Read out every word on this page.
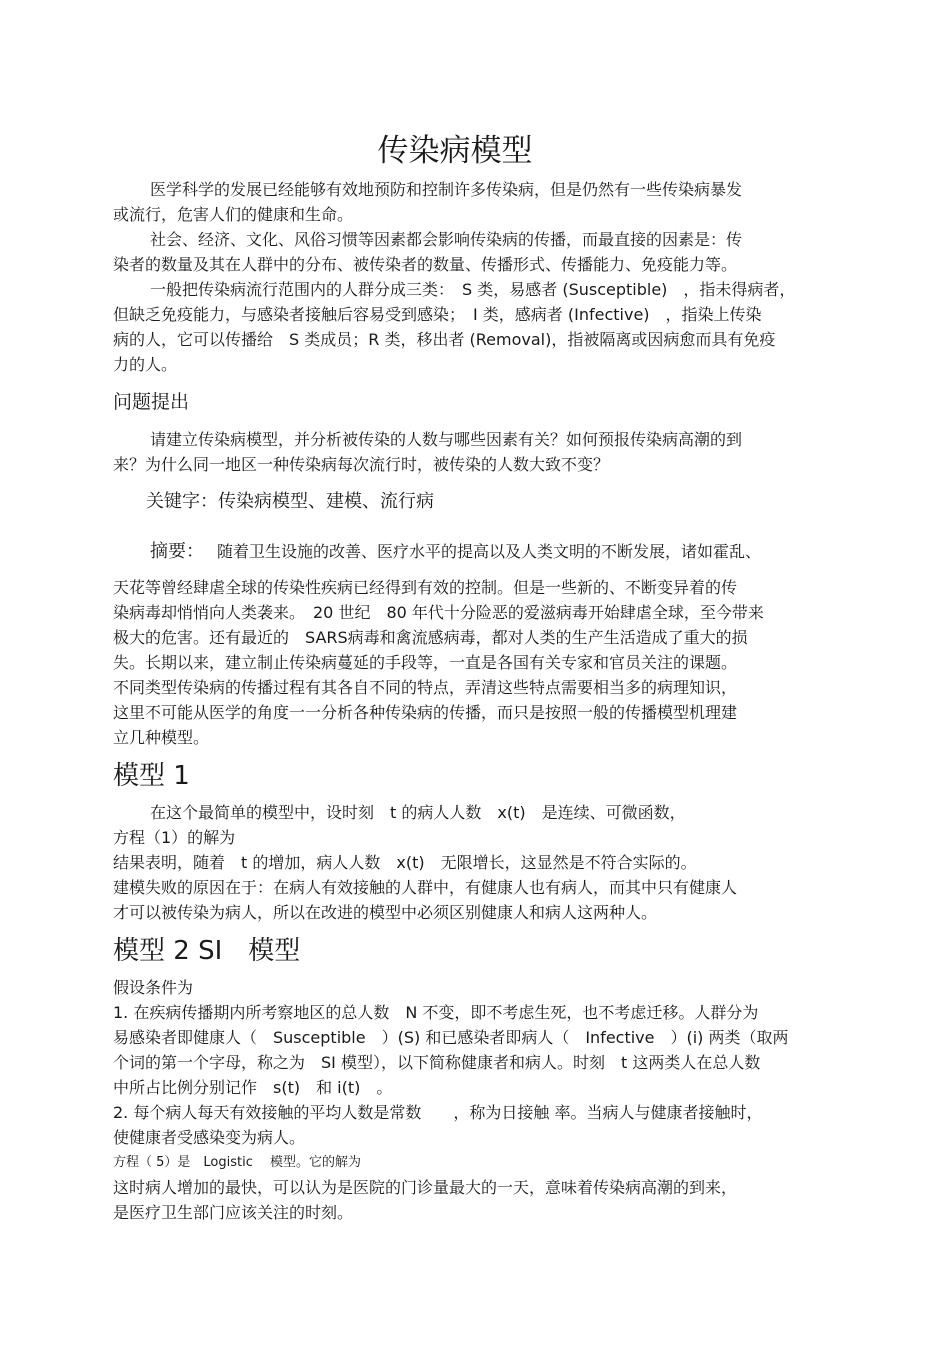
传染病模型
医学科学的发展已经能够有效地预防和控制许多传染病，但是仍然有一些传染病暴发
或流行，危害人们的健康和生命。
社会、经济、文化、风俗习惯等因素都会影响传染病的传播，而最直接的因素是：传
染者的数量及其在人群中的分布、被传染者的数量、传播形式、传播能力、免疫能力等。
一般把传染病流行范围内的人群分成三类：　S 类，易感者 (Susceptible)　，指未得病者，
但缺乏免疫能力，与感染者接触后容易受到感染；　I 类，感病者 (Infective)　，指染上传染
病的人，它可以传播给　S 类成员；R 类，移出者 (Removal)，指被隔离或因病愈而具有免疫
力的人。
问题提出
请建立传染病模型，并分析被传染的人数与哪些因素有关？如何预报传染病高潮的到
来？为什么同一地区一种传染病每次流行时，被传染的人数大致不变？
关键字：传染病模型、建模、流行病
摘要： 随着卫生设施的改善、医疗水平的提高以及人类文明的不断发展，诸如霍乱、
天花等曾经肆虐全球的传染性疾病已经得到有效的控制。但是一些新的、不断变异着的传
染病毒却悄悄向人类袭来。　20 世纪　80 年代十分险恶的爱滋病毒开始肆虐全球，至今带来
极大的危害。还有最近的　SARS病毒和禽流感病毒，都对人类的生产生活造成了重大的损
失。长期以来，建立制止传染病蔓延的手段等，一直是各国有关专家和官员关注的课题。
不同类型传染病的传播过程有其各自不同的特点，弄清这些特点需要相当多的病理知识，
这里不可能从医学的角度一一分析各种传染病的传播，而只是按照一般的传播模型机理建
立几种模型。
模型 1
在这个最简单的模型中，设时刻　t 的病人人数　x(t)　是连续、可微函数，
方程（1）的解为
结果表明，随着　t 的增加，病人人数　x(t)　无限增长，这显然是不符合实际的。
建模失败的原因在于：在病人有效接触的人群中，有健康人也有病人，而其中只有健康人
才可以被传染为病人，所以在改进的模型中必须区别健康人和病人这两种人。
模型 2 SI　模型
假设条件为
1. 在疾病传播期内所考察地区的总人数　N 不变，即不考虑生死，也不考虑迁移。人群分为
易感染者即健康人（　Susceptible　）(S) 和已感染者即病人（　Infective　）(i) 两类（取两
个词的第一个字母，称之为　SI 模型），以下简称健康者和病人。时刻　t 这两类人在总人数
中所占比例分别记作　s(t)　和 i(t)　。
2. 每个病人每天有效接触的平均人数是常数　　，称为日接触 率。当病人与健康者接触时，
使健康者受感染变为病人。
方程（ 5）是　Logistic　 模型。它的解为
这时病人增加的最快，可以认为是医院的门诊量最大的一天，意味着传染病高潮的到来，
是医疗卫生部门应该关注的时刻。
